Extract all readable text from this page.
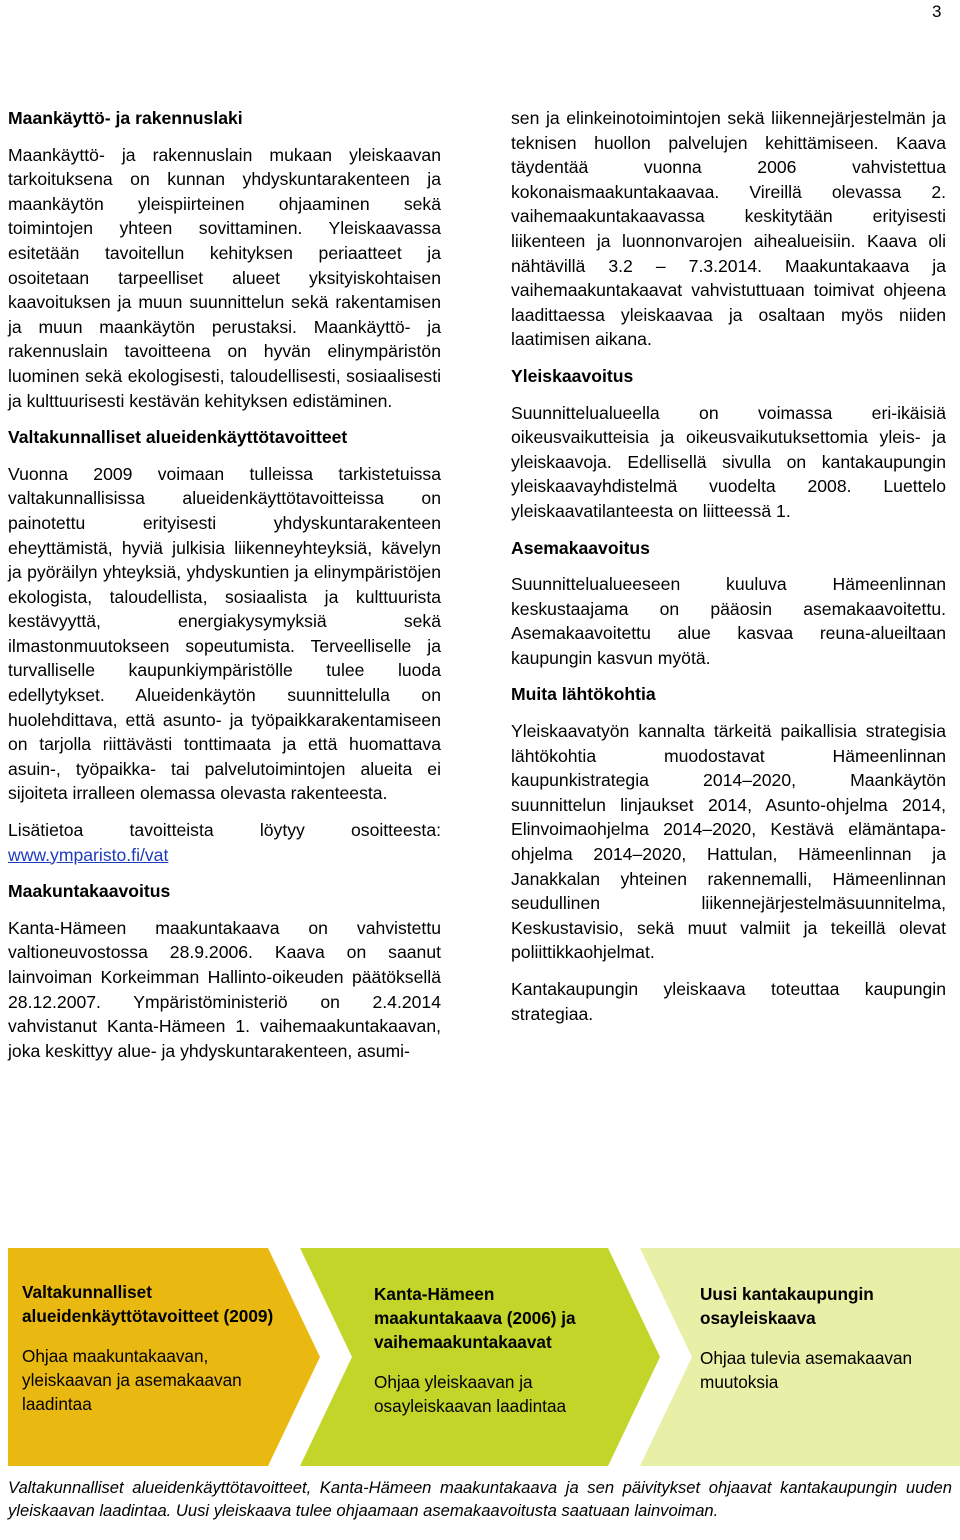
3
Maankäyttö- ja rakennuslaki

Maankäyttö- ja rakennuslain mukaan yleiskaavan tarkoituksena on kunnan yhdyskuntarakenteen ja maankäytön yleispiirteinen ohjaaminen sekä toimintojen yhteen sovittaminen. Yleiskaavassa esitetään tavoitellun kehityksen periaatteet ja osoitetaan tarpeelliset alueet yksityiskohtaisen kaavoituksen ja muun suunnittelun sekä rakentamisen ja muun maankäytön perustaksi. Maankäyttö- ja rakennuslain tavoitteena on hyvän elinympäristön luominen sekä ekologisesti, taloudellisesti, sosiaalisesti ja kulttuurisesti kestävän kehityksen edistäminen.

Valtakunnalliset alueidenkäyttötavoitteet

Vuonna 2009 voimaan tulleissa tarkistetuissa valtakunnallisissa alueidenkäyttötavoitteissa on painotettu erityisesti yhdyskuntarakenteen eheyttämistä, hyviä julkisia liikenneyhteyksiä, kävelyn ja pyöräilyn yhteyksiä, yhdyskuntien ja elinympäristöjen ekologista, taloudellista, sosiaalista ja kulttuurista kestävyyttä, energiakysymyksiä sekä ilmastonmuutokseen sopeutumista. Terveelliselle ja turvalliselle kaupunkiympäristölle tulee luoda edellytykset. Alueidenkäytön suunnittelulla on huolehdittava, että asunto- ja työpaikkarakentamiseen on tarjolla riittävästi tonttimaata ja että huomattava asuin-, työpaikka- tai palvelutoimintojen alueita ei sijoiteta irralleen olemassa olevasta rakenteesta.

Lisätietoa tavoitteista löytyy osoitteesta:

www.ymparisto.fi/vat

Maakuntakaavoitus

Kanta-Hämeen maakuntakaava on vahvistettu valtioneuvostossa 28.9.2006. Kaava on saanut lainvoiman Korkeimman Hallinto-oikeuden päätöksellä 28.12.2007. Ympäristöministeriö on 2.4.2014 vahvistanut Kanta-Hämeen 1. vaihemaakuntakaavan, joka keskittyy alue- ja yhdyskuntarakenteen, asumi-

sen ja elinkeinotoimintojen sekä liikennejärjestelmän ja teknisen huollon palvelujen kehittämiseen. Kaava täydentää vuonna 2006 vahvistettua kokonaismaakuntakaavaa. Vireillä olevassa 2. vaihemaakuntakaavassa keskitytään erityisesti liikenteen ja luonnonvarojen aihealueisiin. Kaava oli nähtävillä 3.2 – 7.3.2014. Maakuntakaava ja vaihemaakuntakaavat vahvistuttuaan toimivat ohjeena laadittaessa yleiskaavaa ja osaltaan myös niiden laatimisen aikana.

Yleiskaavoitus

Suunnittelualueella on voimassa eri-ikäisiä oikeusvaikutteisia ja oikeusvaikutuksettomia yleis- ja yleiskaavoja. Edellisellä sivulla on kantakaupungin yleiskaavayhdistelmä vuodelta 2008. Luettelo yleiskaavatilanteesta on liitteessä 1.

Asemakaavoitus

Suunnittelualueeseen kuuluva Hämeenlinnan keskustaajama on pääosin asemakaavoitettu. Asemakaavoitettu alue kasvaa reuna-alueiltaan kaupungin kasvun myötä.

Muita lähtökohtia

Yleiskaavatyön kannalta tärkeitä paikallisia strategisia lähtökohtia muodostavat Hämeenlinnan kaupunkistrategia 2014–2020, Maankäytön suunnittelun linjaukset 2014, Asunto-ohjelma 2014, Elinvoimaohjelma 2014–2020, Kestävä elämäntapa-ohjelma 2014–2020, Hattulan, Hämeenlinnan ja Janakkalan yhteinen rakennemalli, Hämeenlinnan seudullinen liikennejärjestelmäsuunnitelma, Keskustavisio, sekä muut valmiit ja tekeillä olevat poliittikkaohjelmat.

Kantakaupungin yleiskaava toteuttaa kaupungin strategiaa.

Valtakunnalliset alueidenkäyttötavoitteet (2009)

Ohjaa maakuntakaavan, yleiskaavan ja asemakaavan laadintaa

Kanta-Hämeen maakuntakaava (2006) ja vaihemaakuntakaavat

Ohjaa yleiskaavan ja osayleiskaavan laadintaa

Uusi kantakaupungin osayleiskaava

Ohjaa tulevia asemakaavan muutoksia

Valtakunnalliset alueidenkäyttötavoitteet, Kanta-Hämeen maakuntakaava ja sen päivitykset ohjaavat kantakaupungin uuden yleiskaavan laadintaa. Uusi yleiskaava tulee ohjaamaan asemakaavoitusta saatuaan lainvoiman.
